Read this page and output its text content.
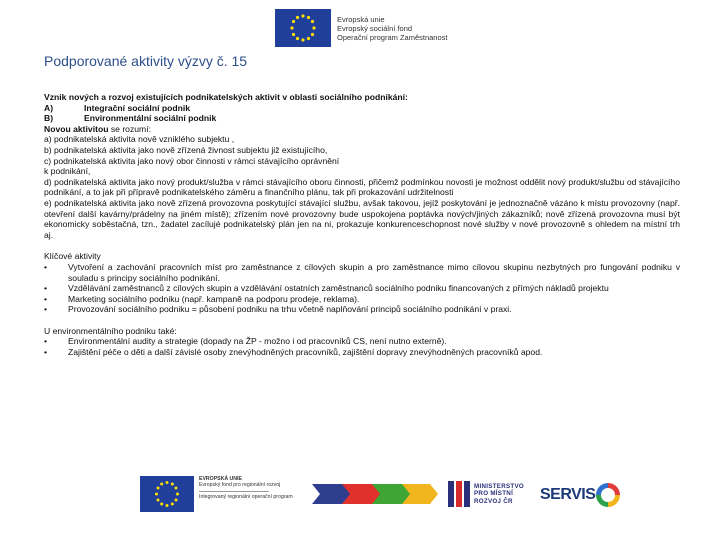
Evropská unie
Evropský sociální fond
Operační program Zaměstnanost
Podporované aktivity výzvy č. 15

Vznik nových a rozvoj existujících podnikatelských aktivit v oblasti sociálního podnikání:

A)	Integrační sociální podnik
B)	Environmentální sociální podnik

Novou aktivitou se rozumí:

a) podnikatelská aktivita nově vzniklého subjektu ,

b) podnikatelská aktivita jako nově zřízená živnost subjektu již existujícího,

c) podnikatelská aktivita jako nový obor činnosti v rámci stávajícího oprávnění

k podnikání,

d) podnikatelská aktivita jako nový produkt/služba v rámci stávajícího oboru činnosti, přičemž podmínkou novosti je možnost oddělit nový produkt/službu od stávajícího podnikání, a to jak při přípravě podnikatelského záměru a finančního plánu, tak při prokazování udržitelnosti

e) podnikatelská aktivita jako nově zřízená provozovna poskytující stávající službu, avšak takovou, jejíž poskytování je jednoznačně vázáno k místu provozovny (např. otevření další kavárny/prádelny na jiném místě); zřízením nové provozovny bude uspokojena poptávka nových/jiných zákazníků; nově zřízená provozovna musí být ekonomicky soběstačná, tzn., žadatel zacílujé podnikatelský plán jen na ni, prokazuje konkurenceschopnost nové služby v nové provozovně s ohledem na místní trh aj.

Klíčové aktivity

•	Vytvoření a zachování pracovních míst pro zaměstnance z cílových skupin a pro zaměstnance mimo cílovou skupinu nezbytných pro fungování podniku v souladu s principy sociálního podnikání.
•	Vzdělávání zaměstnanců z cílových skupin a vzdělávání ostatních zaměstnanců sociálního podniku financovaných z přímých nákladů projektu
•	Marketing sociálního podniku (např. kampaně na podporu prodeje, reklama).
•	Provozování sociálního podniku = působení podniku na trhu včetně naplňování principů sociálního podnikání v praxi.

U environmentálního podniku také:

•	Environmentální audity a strategie (dopady na ŽP - možno i od pracovníků CS, není nutno externě).
•	Zajištění péče o děti a další závislé osoby znevýhodněných pracovníků, zajištění dopravy znevýhodněných pracovníků apod.
EVROPSKÁ UNIE
Evropský fond pro regionální rozvoj
Integrovaný regionální operační program
MINISTERSTVO
PRO MÍSTNÍ
ROZVOJ ČR	SERVIS
